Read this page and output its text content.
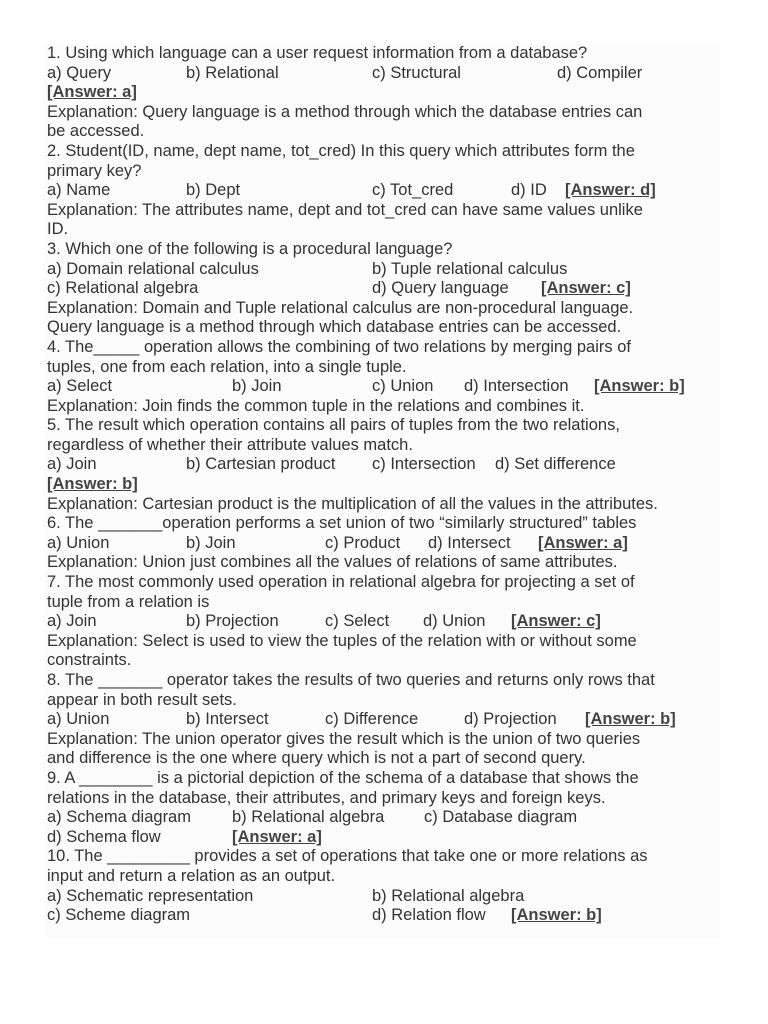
1. Using which language can a user request information from a database?
a) Query	b) Relational	c) Structural	d) Compiler
[Answer: a]
Explanation: Query language is a method through which the database entries can
be accessed.
2. Student(ID, name, dept name, tot_cred) In this query which attributes form the
primary key?
a) Name	b) Dept	c) Tot_cred	d) ID [Answer: d]
Explanation: The attributes name, dept and tot_cred can have same values unlike
ID.
3. Which one of the following is a procedural language?
a) Domain relational calculus	b) Tuple relational calculus
c) Relational algebra	d) Query language [Answer: c]
Explanation: Domain and Tuple relational calculus are non-procedural language.
Query language is a method through which database entries can be accessed.
4. The_____ operation allows the combining of two relations by merging pairs of
tuples, one from each relation, into a single tuple.
a) Select	b) Join	c) Union d) Intersection [Answer: b]
Explanation: Join finds the common tuple in the relations and combines it.
5. The result which operation contains all pairs of tuples from the two relations,
regardless of whether their attribute values match.
a) Join	b) Cartesian product c) Intersection d) Set difference
[Answer: b]
Explanation: Cartesian product is the multiplication of all the values in the attributes.
6. The _______operation performs a set union of two “similarly structured” tables
a) Union	b) Join	c) Product d) Intersect [Answer: a]
Explanation: Union just combines all the values of relations of same attributes.
7. The most commonly used operation in relational algebra for projecting a set of
tuple from a relation is
a) Join	b) Projection	c) Select d) Union [Answer: c]
Explanation: Select is used to view the tuples of the relation with or without some
constraints.
8. The _______ operator takes the results of two queries and returns only rows that
appear in both result sets.
a) Union	b) Intersect	c) Difference	d) Projection [Answer: b]
Explanation: The union operator gives the result which is the union of two queries
and difference is the one where query which is not a part of second query.
9. A ________ is a pictorial depiction of the schema of a database that shows the
relations in the database, their attributes, and primary keys and foreign keys.
a) Schema diagram b) Relational algebra c) Database diagram
d) Schema flow	[Answer: a]
10. The _________ provides a set of operations that take one or more relations as
input and return a relation as an output.
a) Schematic representation	b) Relational algebra
c) Scheme diagram	d) Relation flow [Answer: b]
